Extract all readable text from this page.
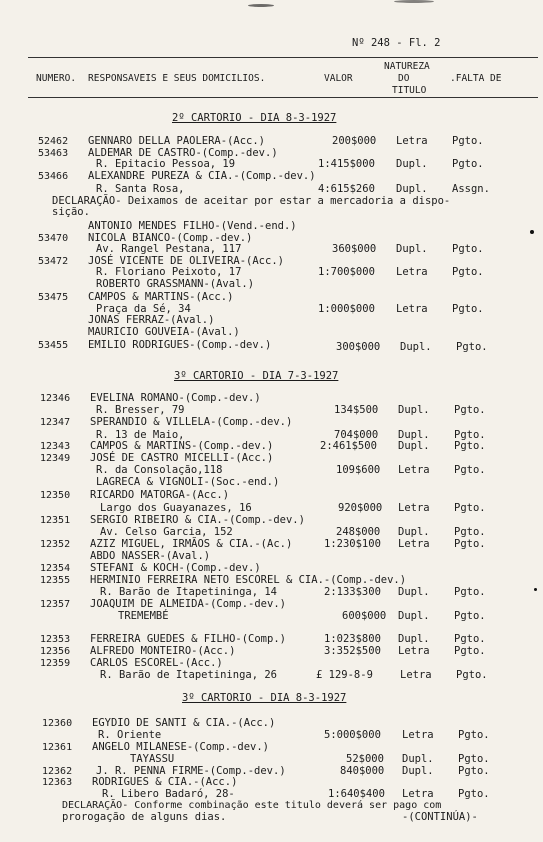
Nº 248 - Fl. 2
NATUREZA
NUMERO. RESPONSAVEIS E SEUS DOMICILIOS.	VALOR	DO	.FALTA DE
TITULO
2º CARTORIO - DIA 8-3-1927
52462 GENNARO DELLA PAOLERA-(Acc.)	200$000 Letra Pgto.
53463 ALDEMAR DE CASTRO-(Comp.-dev.)
R. Epitacio Pessoa, 19	1:415$000 Dupl. Pgto.
53466 ALEXANDRE PUREZA & CIA.-(Comp.-dev.)
R. Santa Rosa,	4:615$260 Dupl. Assgn.
DECLARAÇÃO- Deixamos de aceitar por estar a mercadoria a dispo-
sição.
ANTONIO MENDES FILHO-(Vend.-end.)
53470 NICOLA BIANCO-(Comp.-dev.)
Av. Rangel Pestana, 117	360$000 Dupl. Pgto.
53472 JOSÉ VICENTE DE OLIVEIRA-(Acc.)
R. Floriano Peixoto, 17	1:700$000 Letra Pgto.
ROBERTO GRASSMANN-(Aval.)
53475 CAMPOS & MARTINS-(Acc.)
Praça da Sé, 34	1:000$000 Letra Pgto.
JONAS FERRAZ-(Aval.)
MAURICIO GOUVEIA-(Aval.)
53455 EMILIO RODRIGUES-(Comp.-dev.)	300$000 Dupl. Pgto.
3º CARTORIO - DIA 7-3-1927
12346 EVELINA ROMANO-(Comp.-dev.)
R. Bresser, 79	134$500 Dupl. Pgto.
12347 SPERANDIO & VILLELA-(Comp.-dev.)
R. 13 de Maio,	704$000 Dupl. Pgto.
12343 CAMPOS & MARTINS-(Comp.-dev.)	2:461$500 Dupl. Pgto.
12349 JOSÉ DE CASTRO MICELLI-(Acc.)
R. da Consolação,118	109$600 Letra Pgto.
LAGRECA & VIGNOLI-(Soc.-end.)
12350 RICARDO MATORGA-(Acc.)
Largo dos Guayanazes, 16	920$000 Letra Pgto.
12351 SERGIO RIBEIRO & CIA.-(Comp.-dev.)
Av. Celso Garcia, 152	248$000 Dupl. Pgto.
12352 AZIZ MIGUEL, IRMÃOS & CIA.-(Ac.)	1:230$100 Letra Pgto.
ABDO NASSER-(Aval.)
12354 STEFANI & KOCH-(Comp.-dev.)
12355 HERMINIO FERREIRA NETO ESCOREL & CIA.-(Comp.-dev.)
R. Barão de Itapetininga, 14	2:133$300 Dupl. Pgto.
12357 JOAQUIM DE ALMEIDA-(Comp.-dev.)
TREMEMBÉ	600$000 Dupl. Pgto.
12353 FERREIRA GUEDES & FILHO-(Comp.)	1:023$800 Dupl. Pgto.
12356 ALFREDO MONTEIRO-(Acc.)	3:352$500 Letra Pgto.
12359 CARLOS ESCOREL-(Acc.)
R. Barão de Itapetininga, 26	£ 129-8-9	Letra Pgto.
3º CARTORIO - DIA 8-3-1927
12360 EGYDIO DE SANTI & CIA.-(Acc.)
R. Oriente	5:000$000 Letra Pgto.
12361 ANGELO MILANESE-(Comp.-dev.)
TAYASSU	52$000 Dupl. Pgto.
12362 J. R. PENNA FIRME-(Comp.-dev.)	840$000 Dupl. Pgto.
12363 RODRIGUES & CIA.-(Acc.)
R. Libero Badaró, 28-	1:640$400 Letra Pgto.
DECLARAÇÃO- Conforme combinação este titulo deverá ser pago com
prorogação de alguns dias.	-(CONTINÚA)-
